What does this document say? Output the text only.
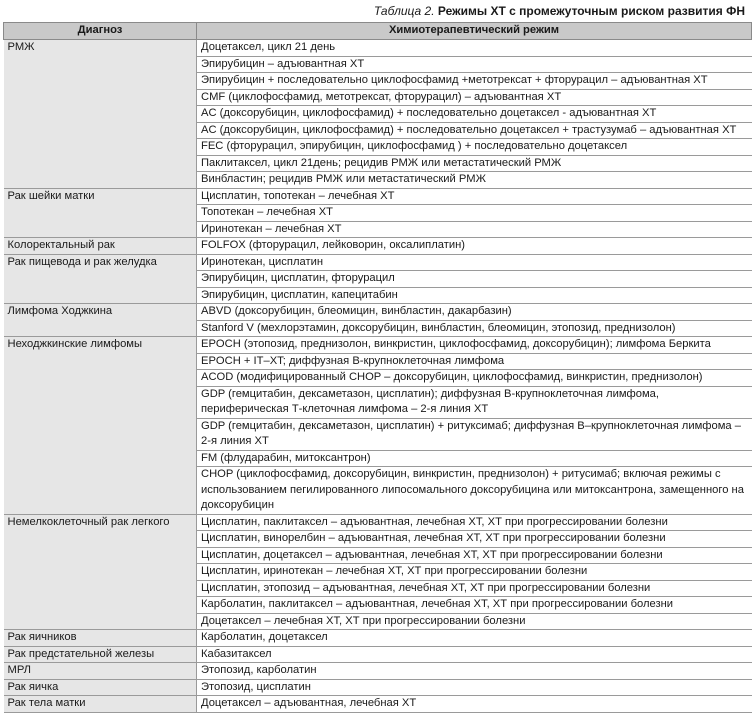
Таблица 2. Режимы ХТ с промежуточным риском развития ФН
Диагноз	Химиотерапевтический режим
РМЖ	Доцетаксел, цикл 21 день
	Эпирубицин – адъювантная ХТ
	Эпирубицин + последовательно циклофосфамид +метотрексат + фторурацил – адъювантная ХТ
	CMF (циклофосфамид, метотрексат, фторурацил) – адъювантная ХТ
	AC (доксорубицин, циклофосфамид) + последовательно доцетаксел - адъювантная ХТ
	AC (доксорубицин, циклофосфамид) + последовательно доцетаксел + трастузумаб – адъювантная ХТ
	FEC (фторурацил, эпирубицин, циклофосфамид ) + последовательно доцетаксел
	Паклитаксел, цикл 21день; рецидив РМЖ или метастатический РМЖ
	Винбластин; рецидив РМЖ или метастатический РМЖ
Рак шейки матки	Цисплатин, топотекан – лечебная ХТ
	Топотекан – лечебная ХТ
	Иринотекан – лечебная ХТ
Колоректальный рак	FOLFOX (фторурацил, лейковорин, оксалиплатин)
Рак пищевода и рак желудка	Иринотекан, цисплатин
	Эпирубицин, цисплатин, фторурацил
	Эпирубицин, цисплатин, капецитабин
Лимфома Ходжкина	ABVD (доксорубицин, блеомицин, винбластин, дакарбазин)
	Stanford V (мехлорэтамин, доксорубицин, винбластин, блеомицин, этопозид, преднизолон)
Неходжкинские лимфомы	EPOCH (этопозид, преднизолон, винкристин, циклофосфамид, доксорубицин); лимфома Беркита
	EPOCH + IT–XT; диффузная B-крупноклеточная лимфома
	ACOD (модифицированный CHOP – доксорубицин, циклофосфамид, винкристин, преднизолон)
	GDP (гемцитабин, дексаметазон, цисплатин); диффузная B-крупноклеточная лимфома, периферическая Т-клеточная лимфома – 2-я линия ХТ
	GDP (гемцитабин, дексаметазон, цисплатин) + ритуксимаб; диффузная B–крупноклеточная лимфома – 2-я линия ХТ
	FM (флударабин, митоксантрон)
	CHOP (циклофосфамид, доксорубицин, винкристин, преднизолон) + ритусимаб; включая режимы с использованием пегилированного липосомального доксорубицина или митоксантрона, замещенного на доксорубицин
Немелкоклеточный рак легкого	Цисплатин, паклитаксел – адъювантная, лечебная ХТ, ХТ при прогрессировании болезни
	Цисплатин, винорелбин – адъювантная, лечебная ХТ, ХТ при прогрессировании болезни
	Цисплатин, доцетаксел – адъювантная, лечебная ХТ, ХТ при прогрессировании болезни
	Цисплатин, иринотекан – лечебная ХТ, ХТ при прогрессировании болезни
	Цисплатин, этопозид – адъювантная, лечебная ХТ, ХТ при прогрессировании болезни
	Карболатин, паклитаксел – адъювантная, лечебная ХТ, ХТ при прогрессировании болезни
	Доцетаксел – лечебная ХТ, ХТ при прогрессировании болезни
Рак яичников	Карболатин, доцетаксел
Рак предстательной железы	Кабазитаксел
МРЛ	Этопозид, карболатин
Рак яичка	Этопозид, цисплатин
Рак тела матки	Доцетаксел – адъювантная, лечебная ХТ
